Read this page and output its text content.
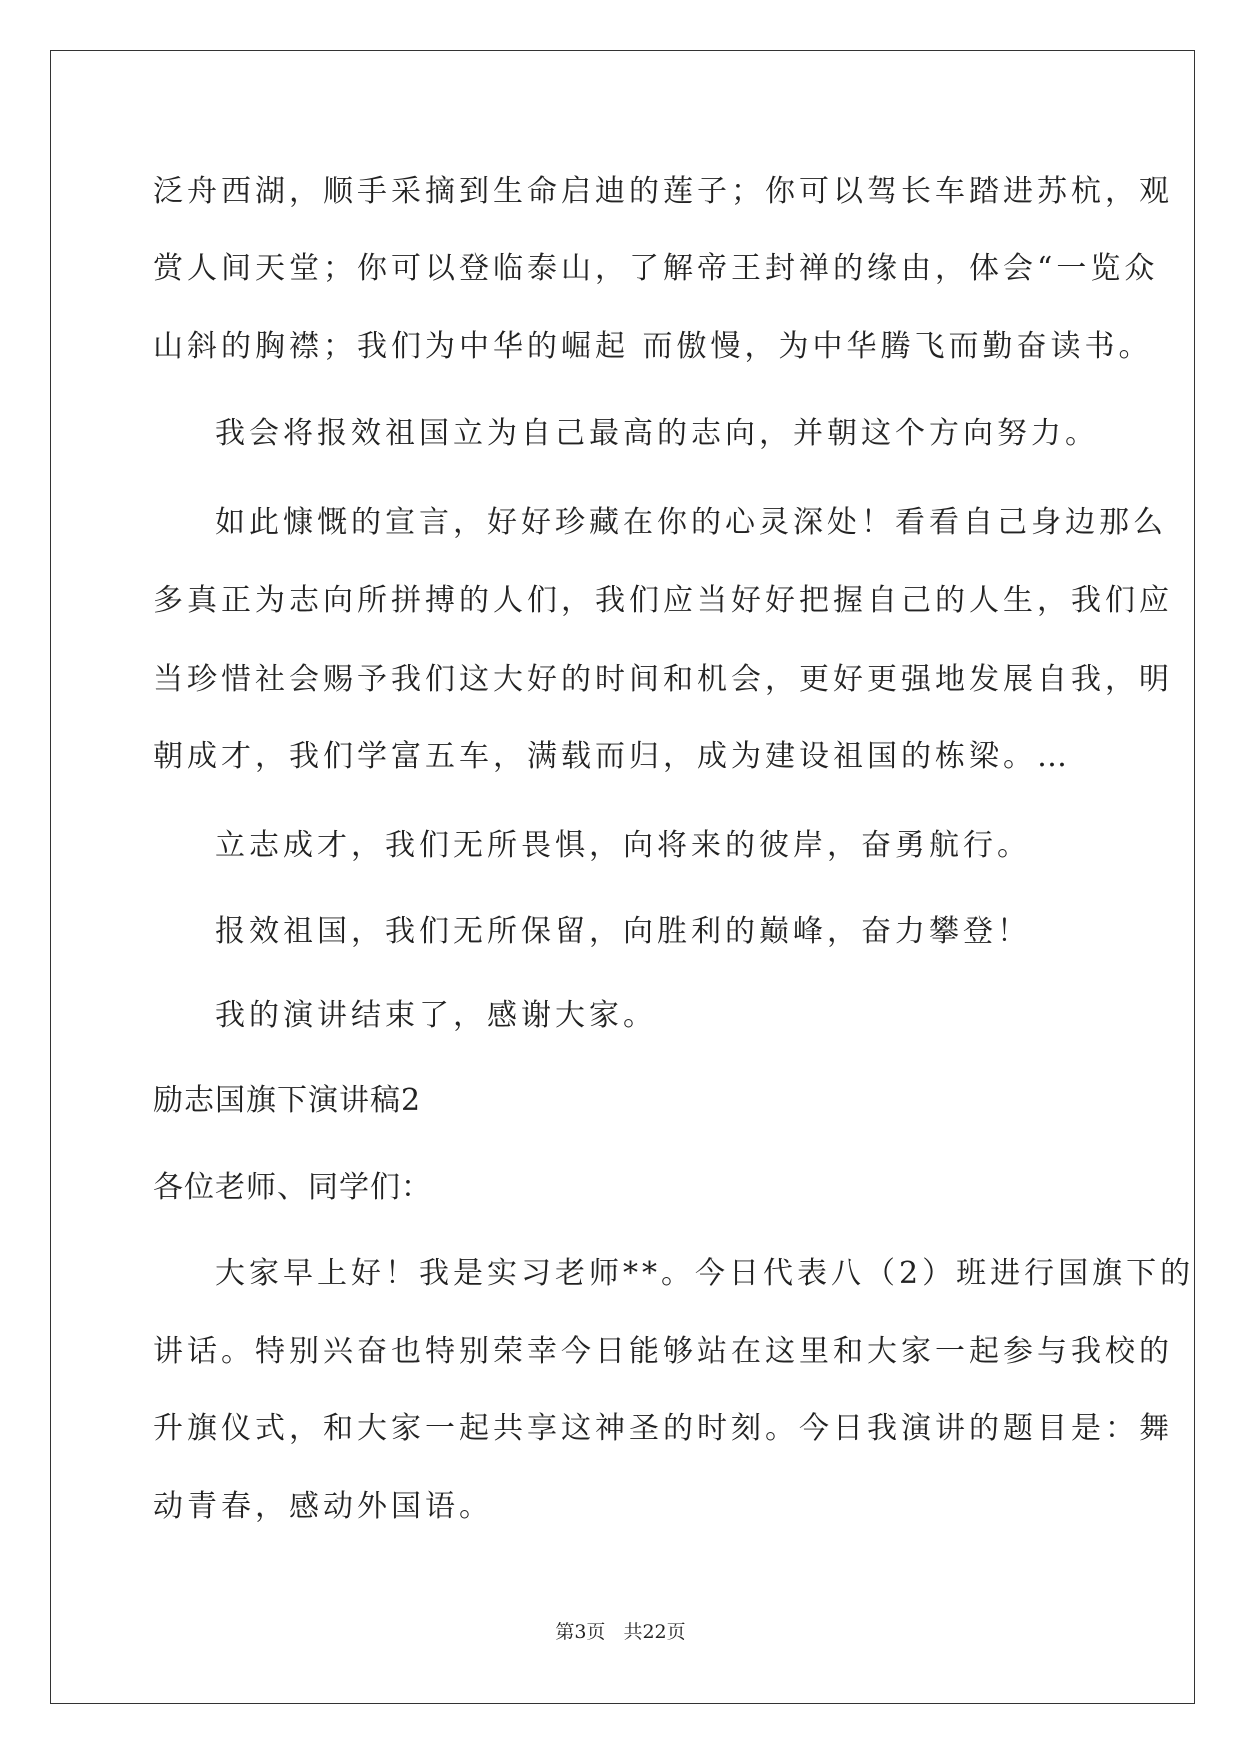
泛舟西湖，顺手采摘到生命启迪的莲子；你可以驾长车踏进苏杭，观
赏人间天堂；你可以登临泰山，了解帝王封禅的缘由，体会“一览众
山斜的胸襟；我们为中华的崛起 而傲慢，为中华腾飞而勤奋读书。
我会将报效祖国立为自己最高的志向，并朝这个方向努力。
如此慷慨的宣言，好好珍藏在你的心灵深处！看看自己身边那么
多真正为志向所拼搏的人们，我们应当好好把握自己的人生，我们应
当珍惜社会赐予我们这大好的时间和机会，更好更强地发展自我，明
朝成才，我们学富五车，满载而归，成为建设祖国的栋梁。…
立志成才，我们无所畏惧，向将来的彼岸，奋勇航行。
报效祖国，我们无所保留，向胜利的巅峰，奋力攀登！
我的演讲结束了，感谢大家。
励志国旗下演讲稿2
各位老师、同学们：
大家早上好！我是实习老师**。今日代表八（2）班进行国旗下的
讲话。特别兴奋也特别荣幸今日能够站在这里和大家一起参与我校的
升旗仪式，和大家一起共享这神圣的时刻。今日我演讲的题目是：舞
动青春，感动外国语。
第3页 共22页
